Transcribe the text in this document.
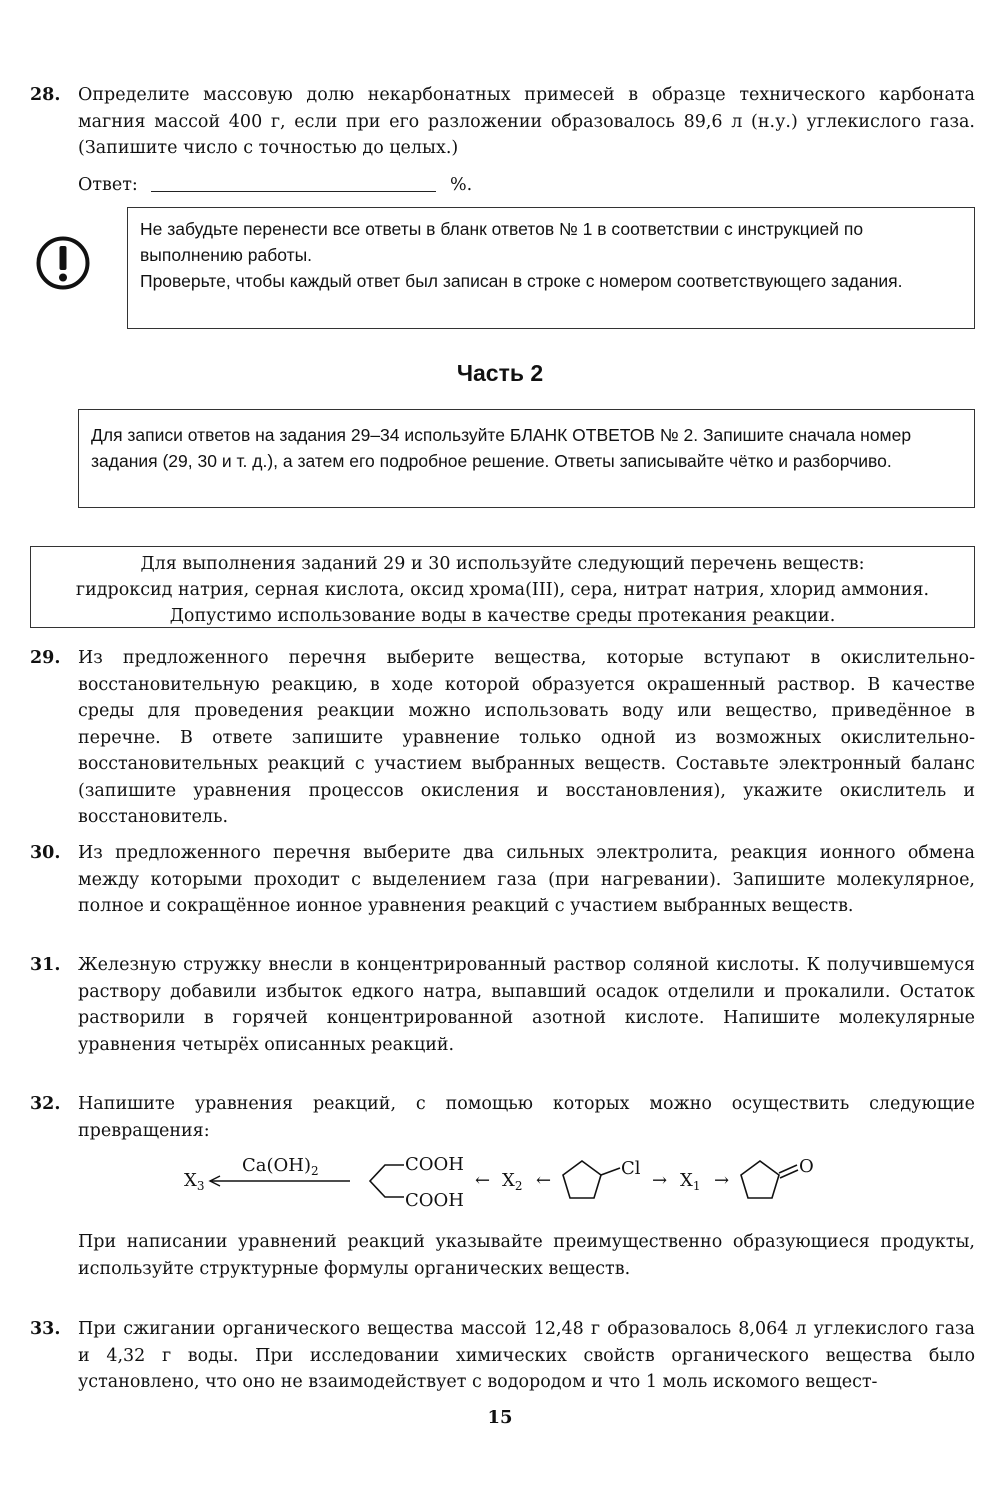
28. Определите массовую долю некарбонатных примесей в образце технического карбоната магния массой 400 г, если при его разложении образовалось 89,6 л (н.у.) углекислого газа. (Запишите число с точностью до целых.)
Ответ:	%.
Не забудьте перенести все ответы в бланк ответов № 1 в соответствии с инструкцией по выполнению работы.
Проверьте, чтобы каждый ответ был записан в строке с номером соответствующего задания.
Часть 2
Для записи ответов на задания 29–34 используйте БЛАНК ОТВЕТОВ № 2. Запишите сначала номер задания (29, 30 и т. д.), а затем его подробное решение. Ответы записывайте чётко и разборчиво.
Для выполнения заданий 29 и 30 используйте следующий перечень веществ:
гидроксид натрия, серная кислота, оксид хрома(III), сера, нитрат натрия, хлорид аммония.
Допустимо использование воды в качестве среды протекания реакции.
29. Из предложенного перечня выберите вещества, которые вступают в окислительно-восстановительную реакцию, в ходе которой образуется окрашенный раствор. В качестве среды для проведения реакции можно использовать воду или вещество, приведённое в перечне. В ответе запишите уравнение только одной из возможных окислительно-восстановительных реакций с участием выбранных веществ. Составьте электронный баланс (запишите уравнения процессов окисления и восстановления), укажите окислитель и восстановитель.
30. Из предложенного перечня выберите два сильных электролита, реакция ионного обмена между которыми проходит с выделением газа (при нагревании). Запишите молекулярное, полное и сокращённое ионное уравнения реакций с участием выбранных веществ.
31. Железную стружку внесли в концентрированный раствор соляной кислоты. К получившемуся раствору добавили избыток едкого натра, выпавший осадок отделили и прокалили. Остаток растворили в горячей концентрированной азотной кислоте. Напишите молекулярные уравнения четырёх описанных реакций.
32. Напишите уравнения реакций, с помощью которых можно осуществить следующие превращения:
$X_3$
$Ca(OH)_2$	COOH
COOH
← $X_2$ ←
Cl
→ $X_1$ →
O
При написании уравнений реакций указывайте преимущественно образующиеся продукты, используйте структурные формулы органических веществ.
33. При сжигании органического вещества массой 12,48 г образовалось 8,064 л углекислого газа и 4,32 г воды. При исследовании химических свойств органического вещества было установлено, что оно не взаимодействует с водородом и что 1 моль искомого вещест-
15
